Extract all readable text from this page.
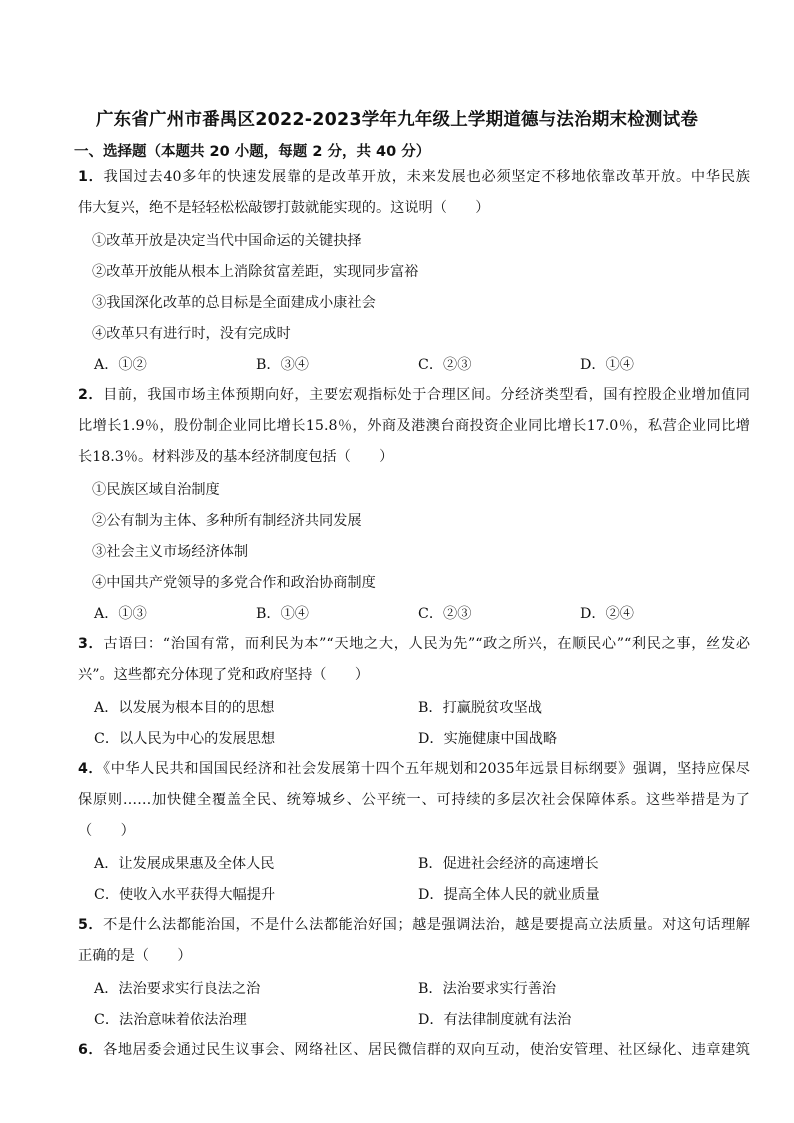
广东省广州市番禺区2022-2023学年九年级上学期道德与法治期末检测试卷
一、选择题（本题共 20 小题，每题 2 分，共 40 分）
1．我国过去40多年的快速发展靠的是改革开放，未来发展也必须坚定不移地依靠改革开放。中华民族
伟大复兴，绝不是轻轻松松敲锣打鼓就能实现的。这说明（　　）
①改革开放是决定当代中国命运的关键抉择
②改革开放能从根本上消除贫富差距，实现同步富裕
③我国深化改革的总目标是全面建成小康社会
④改革只有进行时，没有完成时
A．①②	B．③④	C．②③	D．①④
2．目前，我国市场主体预期向好，主要宏观指标处于合理区间。分经济类型看，国有控股企业增加值同
比增长1.9％，股份制企业同比增长15.8％，外商及港澳台商投资企业同比增长17.0％，私营企业同比增
长18.3％。材料涉及的基本经济制度包括（　　）
①民族区域自治制度
②公有制为主体、多种所有制经济共同发展
③社会主义市场经济体制
④中国共产党领导的多党合作和政治协商制度
A．①③	B．①④	C．②③	D．②④
3．古语曰：“治国有常，而利民为本”“天地之大，人民为先”“政之所兴，在顺民心”“利民之事，丝发必
兴”。这些都充分体现了党和政府坚持（　　）
A．以发展为根本目的的思想	B．打赢脱贫攻坚战
C．以人民为中心的发展思想	D．实施健康中国战略
4．《中华人民共和国国民经济和社会发展第十四个五年规划和2035年远景目标纲要》强调，坚持应保尽
保原则……加快健全覆盖全民、统筹城乡、公平统一、可持续的多层次社会保障体系。这些举措是为了
（　　）
A．让发展成果惠及全体人民	B．促进社会经济的高速增长
C．使收入水平获得大幅提升	D．提高全体人民的就业质量
5．不是什么法都能治国，不是什么法都能治好国；越是强调法治，越是要提高立法质量。对这句话理解
正确的是（　　）
A．法治要求实行良法之治	B．法治要求实行善治
C．法治意味着依法治理	D．有法律制度就有法治
6．各地居委会通过民生议事会、网络社区、居民微信群的双向互动，使治安管理、社区绿化、违章建筑
